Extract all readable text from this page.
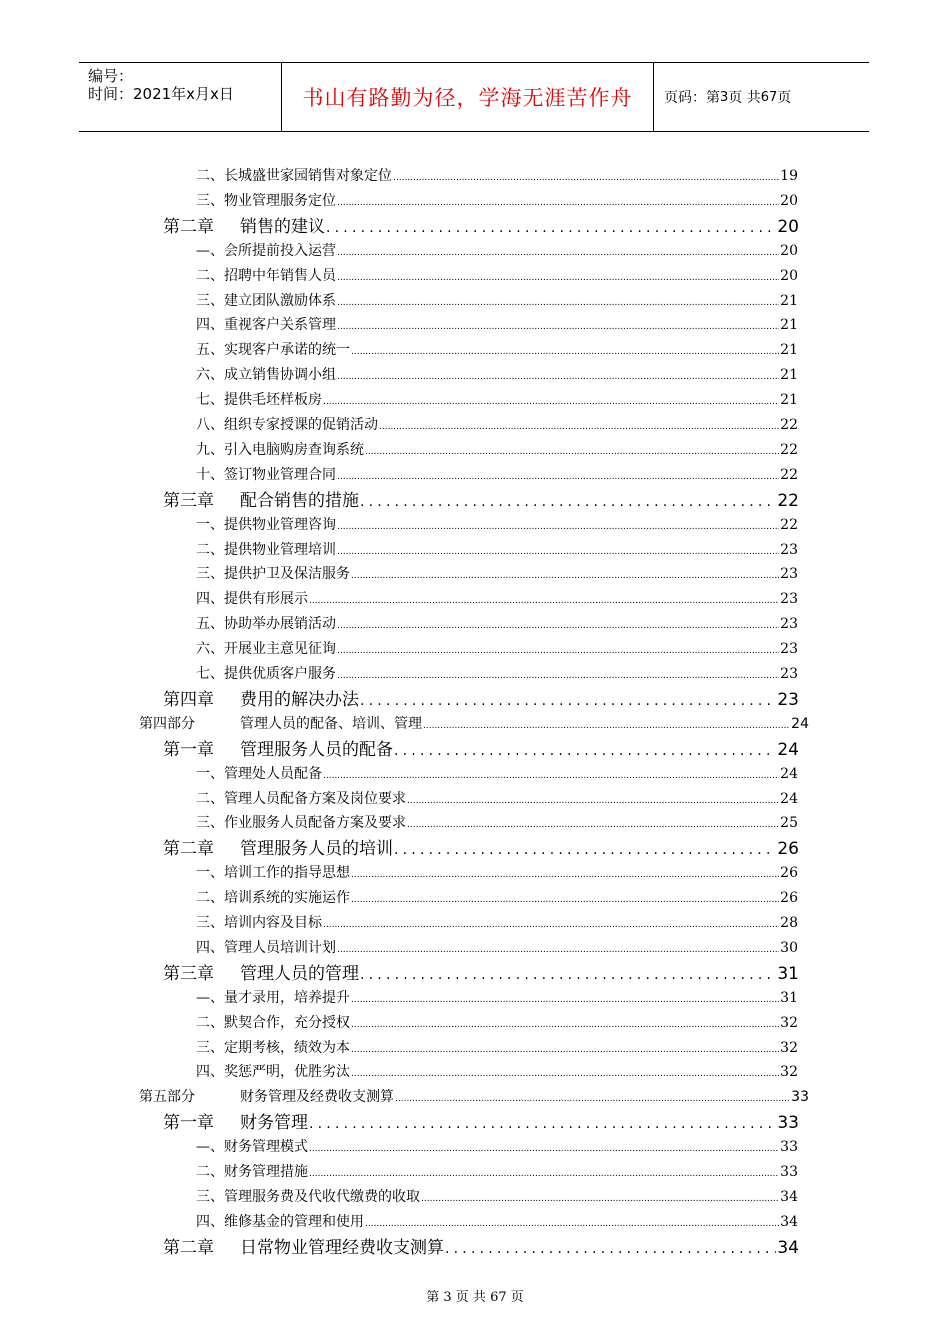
编号：
时间：2021年x月x日	书山有路勤为径，学海无涯苦作舟	页码：第 3 页 共 67 页
二、长城盛世家园销售对象定位 .....	19
三、物业管理服务定位 .....	20
第二章 销售的建议 .....	20
—、会所提前投入运营 .....	20
二、招聘中年销售人员 .....	20
三、建立团队激励体系 .....	21
四、重视客户关系管理 .....	21
五、实现客户承诺的统一 .....	21
六、成立销售协调小组 .....	21
七、提供毛坯样板房 .....	21
八、组织专家授课的促销活动 .....	22
九、引入电脑购房查询系统 .....	22
十、签订物业管理合同 .....	22
第三章 配合销售的措施 .....	22
一、提供物业管理咨询 .....	22
二、提供物业管理培训 .....	23
三、提供护卫及保洁服务 .....	23
四、提供有形展示 .....	23
五、协助举办展销活动 .....	23
六、开展业主意见征询 .....	23
七、提供优质客户服务 .....	23
第四章 费用的解决办法 .....	23
第四部分	管理人员的配备、培训、管理 .....	24
第一章 管理服务人员的配备 .....	24
一、管理处人员配备 .....	24
二、管理人员配备方案及岗位要求 .....	24
三、作业服务人员配备方案及要求 .....	25
第二章 管理服务人员的培训 .....	26
一、培训工作的指导思想 .....	26
二、培训系统的实施运作 .....	26
三、培训内容及目标 .....	28
四、管理人员培训计划 .....	30
第三章 管理人员的管理 .....	31
—、量才录用，培养提升 .....	31
二、默契合作，充分授权 .....	32
三、定期考核，绩效为本 .....	32
四、奖惩严明，优胜劣汰 .....	32
第五部分	财务管理及经费收支测算 .....	33
第一章 财务管理 .....	33
—、财务管理模式 .....	33
二、财务管理措施 .....	33
三、管理服务费及代收代缴费的收取 .....	34
四、维修基金的管理和使用 .....	34
第二章 日常物业管理经费收支测算 .....	34
第 3 页 共 67 页
